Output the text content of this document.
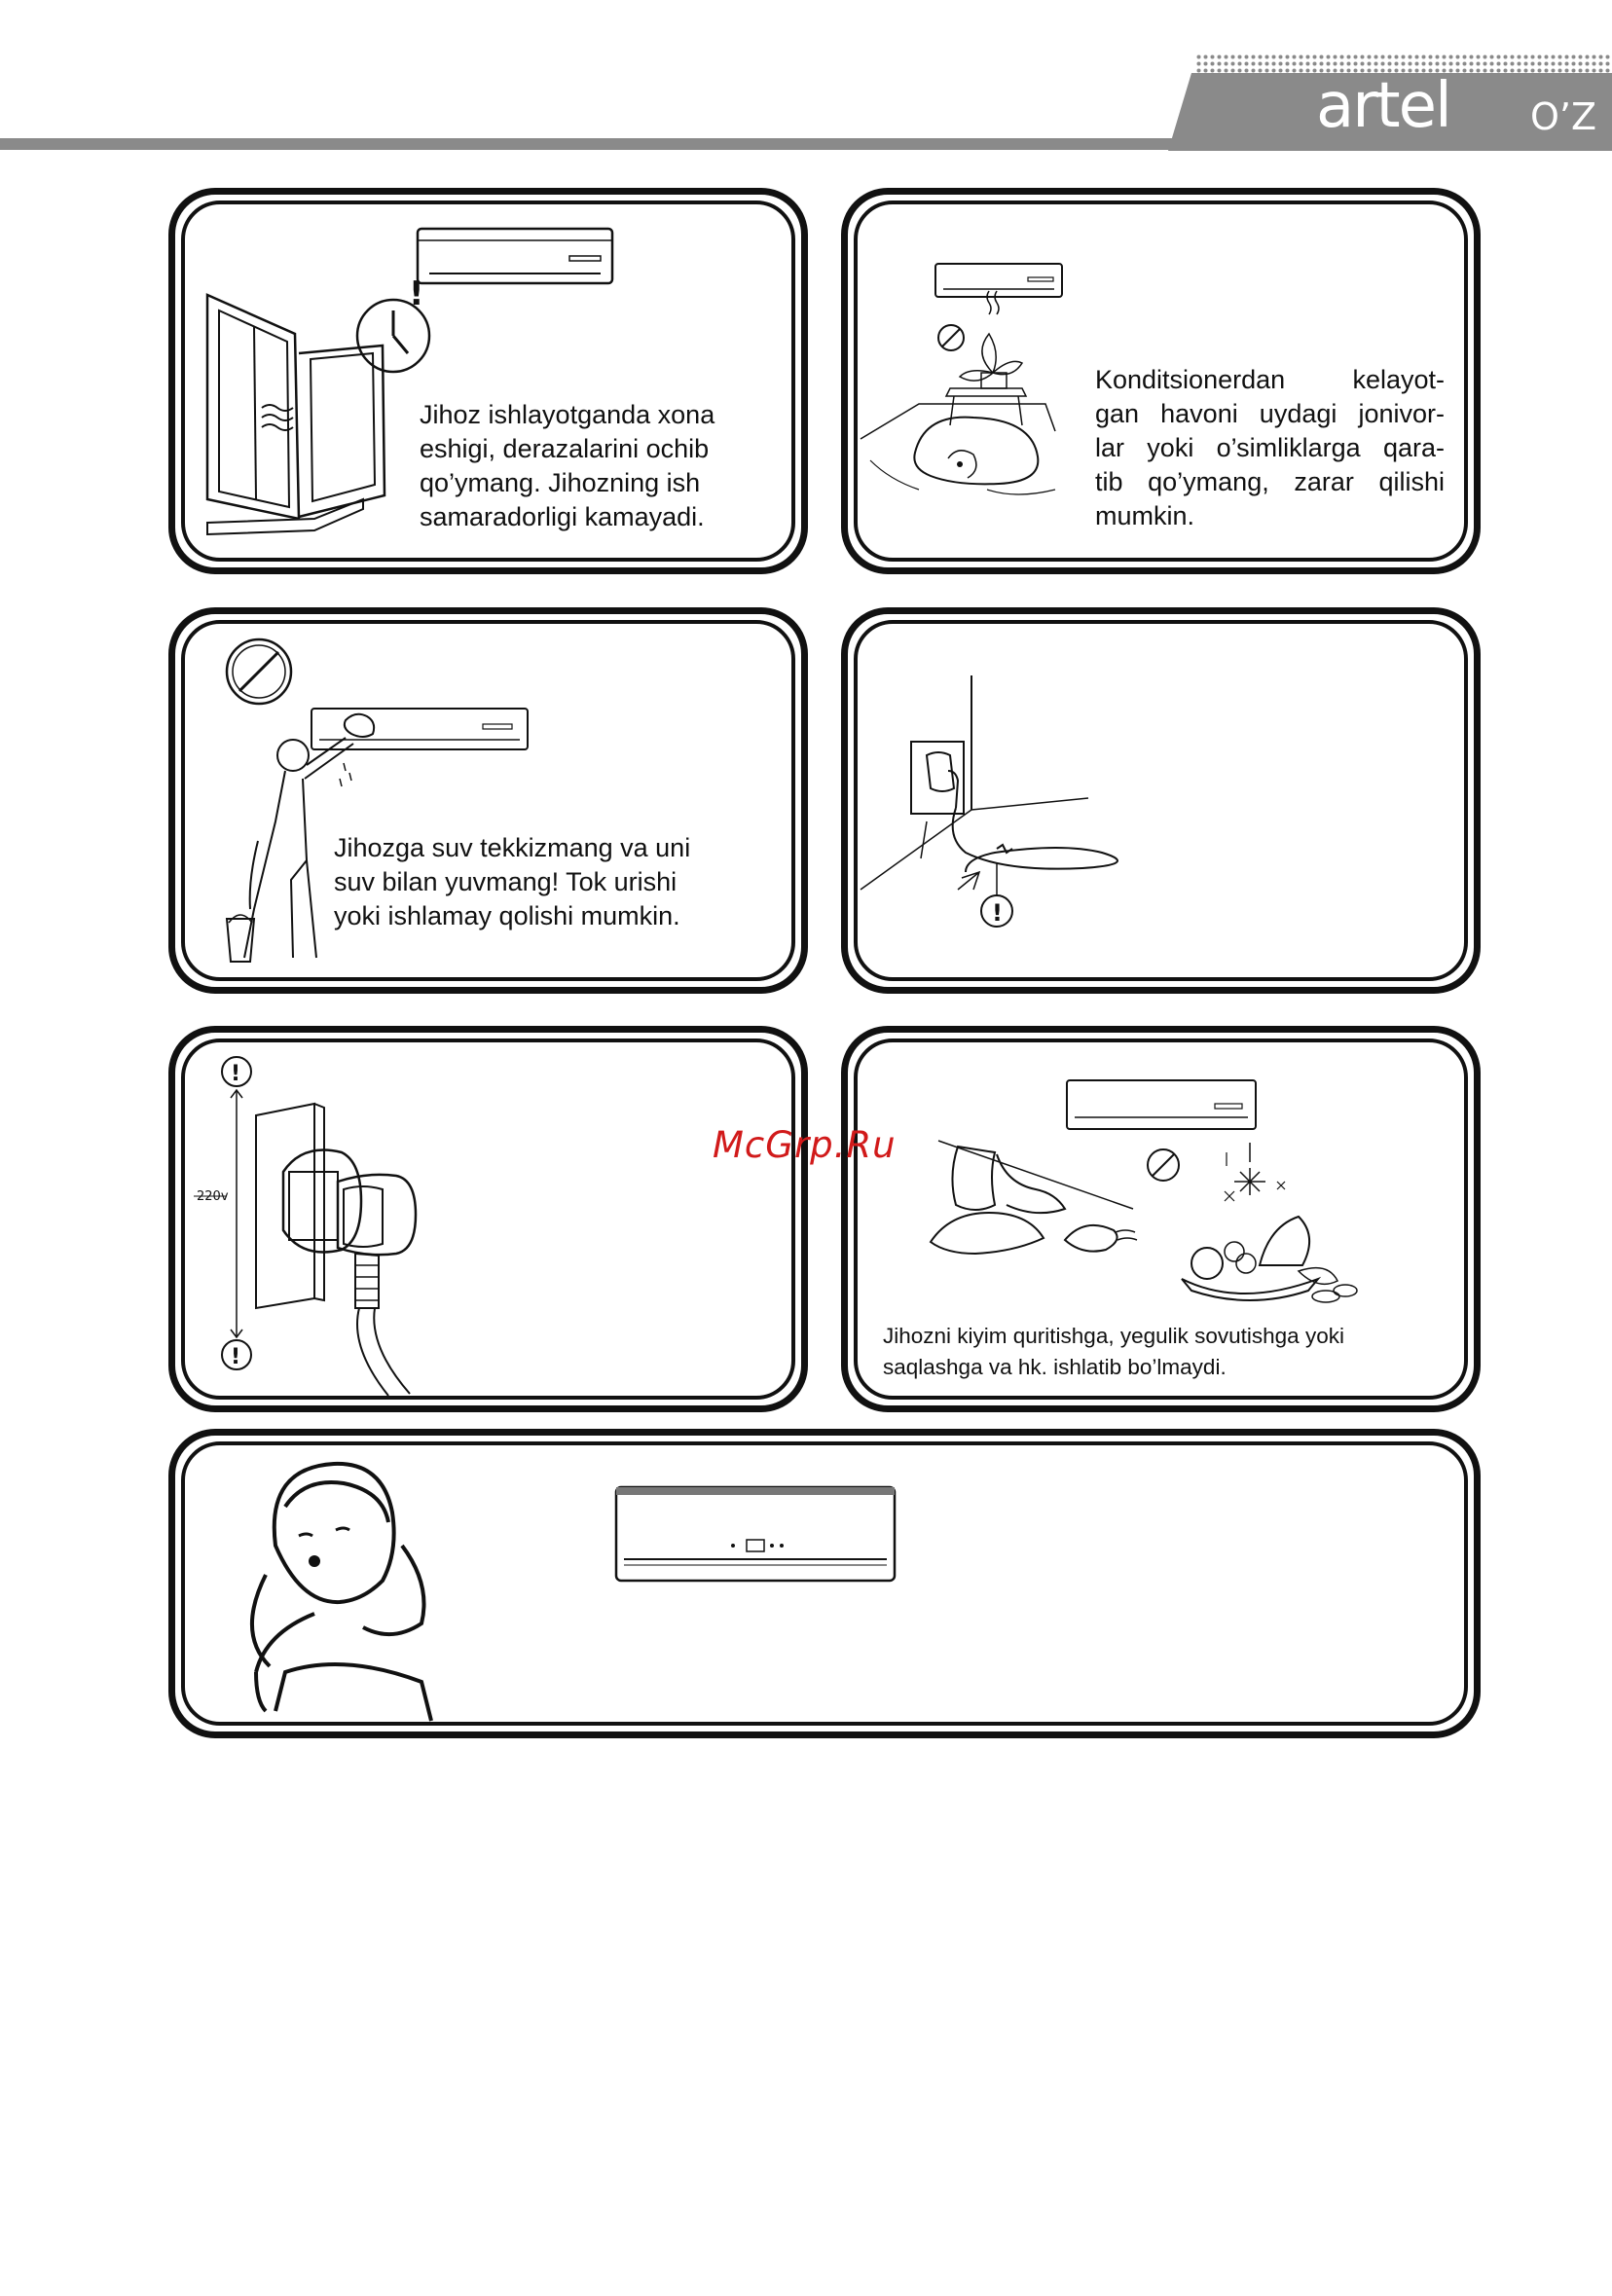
artel O’Z
!
Jihoz ishlayotganda xona
eshigi, derazalarini ochib
qo’ymang. Jihozning ish
samaradorligi kamayadi.
Konditsionerdan kelayot-
gan havoni uydagi jonivor-
lar yoki o’simliklarga qara-
tib qo’ymang, zarar qilishi
mumkin.
Jihozga suv tekkizmang va uni
suv bilan yuvmang! Tok urishi
yoki ishlamay qolishi mumkin.	!
!
!
220v
Jihozni kiyim quritishga, yegulik sovutishga yoki
saqlashga va hk. ishlatib bo’lmaydi.
McGrp.Ru
